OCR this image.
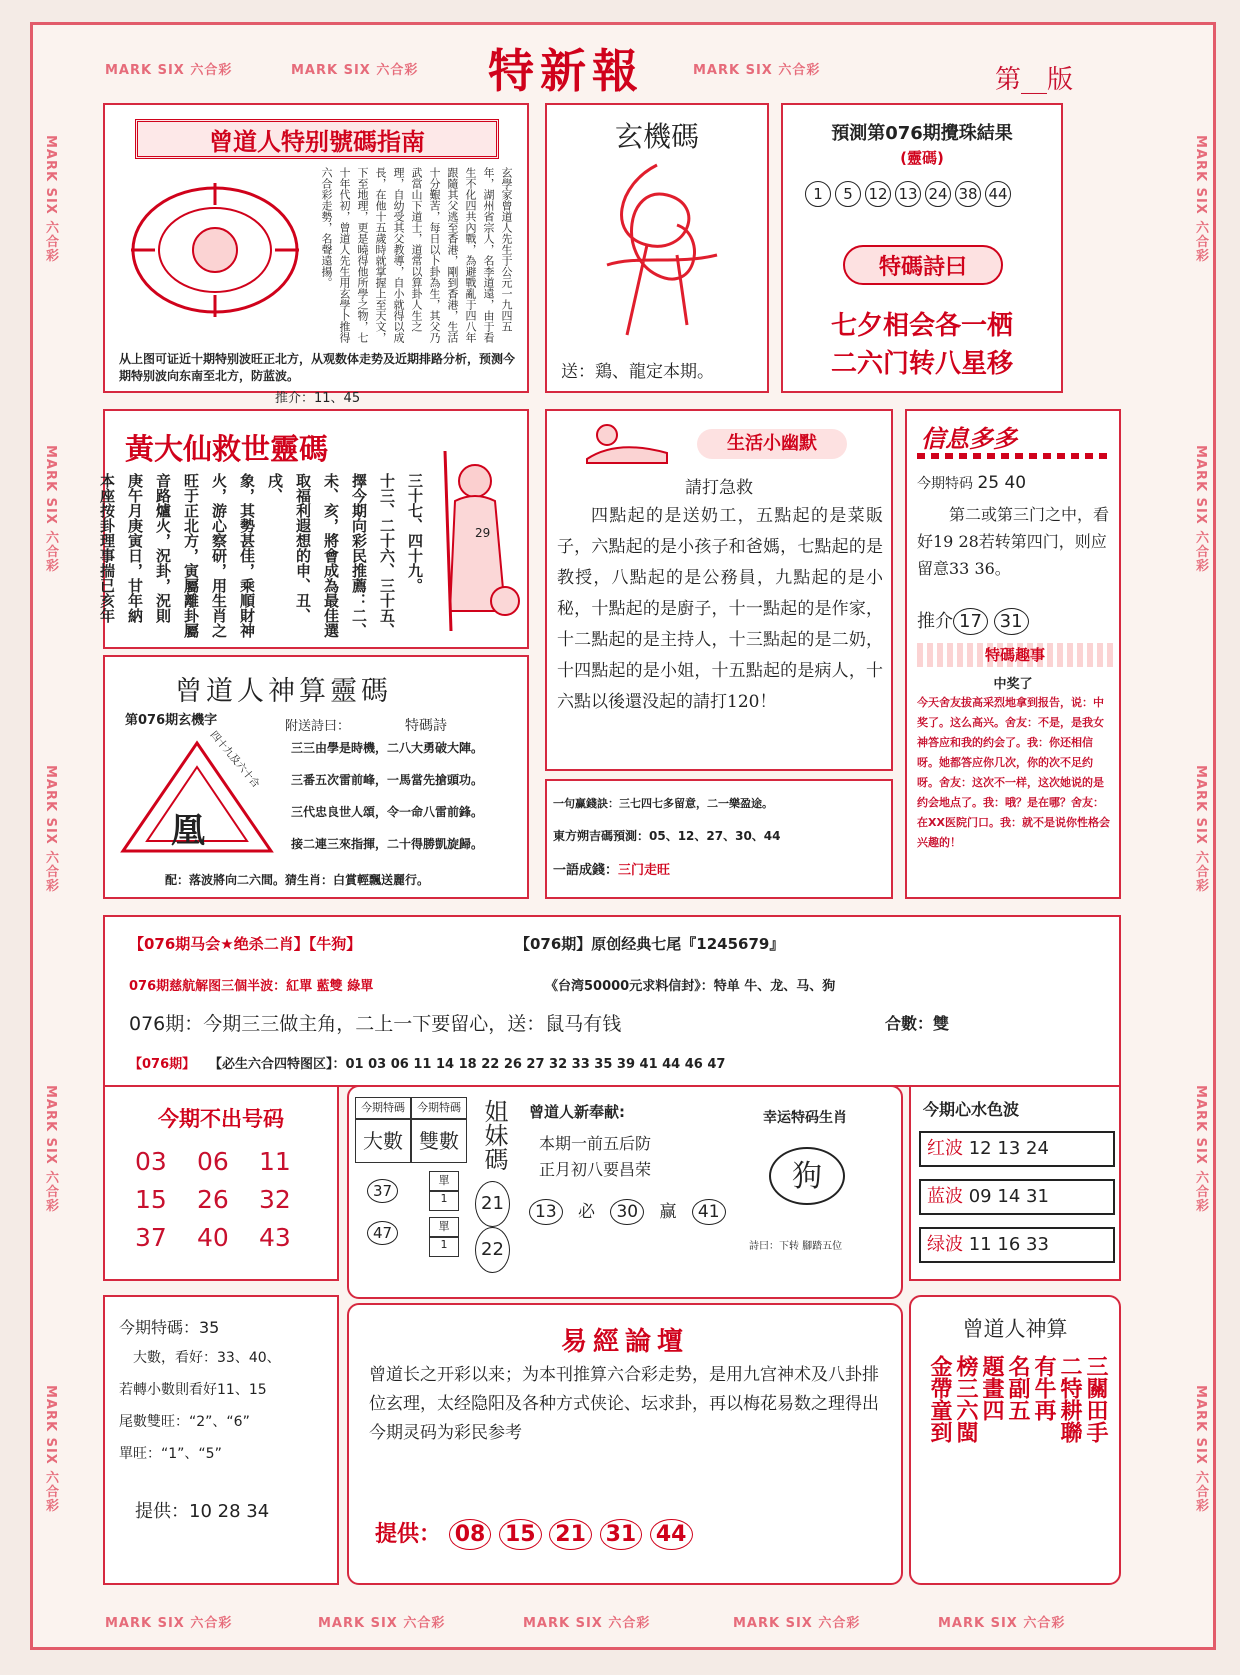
MARK SIX 六合彩	MARK SIX 六合彩	MARK SIX 六合彩
MARK SIX 六合彩	MARK SIX 六合彩	MARK SIX 六合彩	MARK SIX 六合彩	MARK SIX 六合彩
MARK SIX 六合彩
MARK SIX 六合彩
MARK SIX 六合彩
MARK SIX 六合彩
MARK SIX 六合彩
MARK SIX 六合彩
MARK SIX 六合彩
MARK SIX 六合彩
MARK SIX 六合彩
MARK SIX 六合彩
特新報	第__版
曾道人特别號碼指南
玄學家曾道人先生于公元一九四五年，湖州省宗人，名李道遠，由于看生不化四共內戰，為避戰亂于四八年跟隨其父逃至香港，剛到香港，生活十分艱苦，每日以卜卦為生，其父乃武當山下道士，道常以算卦人生之理，自幼受其父教導，自小就得以成長，在他十五歲時就掌握上至天文，下至地理，更是曉得他所學之物，七十年代初，曾道人先生用玄學卜推得六合彩走勢，名聲遠揚。
从上图可证近十期特别波旺正北方，从观数体走势及近期排路分析，预测今期特别波向东南至北方，防蓝波。
推介：11、45
玄機碼
送：鶏、龍定本期。
預測第076期攪珠結果
(靈碼)
1 5 12 13 24 38 44
特碼詩曰
七夕相会各一栖
二六门转八星移
黃大仙救世靈碼
三十七、四十九。
十三、二十六、三十五、
擇今期向彩民推薦：二、
未、亥，將會成為最佳選
取福利遐想的申、丑、戌、
象，其勢甚佳，乘順財神
火，游心察研，用生肖之
旺于正北方，寅屬離卦屬
音路爐火，況卦，況則
庚午月庚寅日，甘年納
本座按卦理事揣已亥年	29
生活小幽默
請打急救
四點起的是送奶工，五點起的是菜販子，六點起的是小孩子和爸媽，七點起的是教授，八點起的是公務員，九點起的是小秘，十點起的是廚子，十一點起的是作家，十二點起的是主持人，十三點起的是二奶，十四點起的是小姐，十五點起的是病人，十六點以後還没起的請打120！
信息多多
今期特码 25 40
第二或第三门之中，看好19 28若转第四门，则应留意33 36。
推介 17 31
特碼趣事
中奖了
今天舍友拔高采烈地拿到报告，说：中奖了。这么高兴。舍友：不是，是我女神答应和我的约会了。我：你还相信呀。她都答应你几次，你的次不足约呀。舍友：这次不一样，这次她说的是约会地点了。我：哦？是在哪？舍友：在XX医院门口。我：就不是说你性格会兴趣的！
曾道人神算靈碼
第076期玄機字	附送詩曰：	特碼詩
凰
四十九及六十合 三三由學是時機，二八大勇破大陣。
三番五次雷前峰，一馬當先搶頭功。
三代忠良世人頌，令一命八雷前鋒。
接二連三來指揮，二十得勝凱旋歸。
配：落波將向二六間。猜生肖：白賞輕飄送麗行。
一句赢錢訣：三七四七多留意，二一樂盈途。
東方朔吉碼預測：05、12、27、30、44
一語成錢：三门走旺
【076期马会★绝杀二肖】【牛狗】	【076期】原创经典七尾『1245679』
076期慈航解图三個半波：紅單 藍雙 綠單	《台湾50000元求料信封》：特单 牛、龙、马、狗
076期：今期三三做主角，二上一下要留心，送：鼠马有钱	合數：雙
【076期】 【必生六合四特图区】：01 03 06 11 14 18 22 26 27 32 33 35 39 41 44 46 47
今期不出号码
03 06 11
15 26 32
37 40 43
今期特碼	今期特碼
大數 雙數 姐妹碼
37
47
單
1
單
1
21
22
曾道人新奉献:
本期一前五后防
正月初八要昌荣
13 必 30 赢 41
幸运特码生肖
狗
詩曰：下转 腳踏五位
今期心水色波
红波 12 13 24
蓝波 09 14 31
绿波 11 16 33
今期特碼：35
大數，看好：33、40、
若轉小數則看好11、15
尾數雙旺：“2”、“6”
單旺：“1”、“5”
提供：10 28 34
易經論壇
曾道长之开彩以来；为本刊推算六合彩走势，是用九宫神术及八卦排位玄理，太经隐阳及各种方式侠论、坛求卦，再以梅花易数之理得出今期灵码为彩民参考
提供： 08 15 21 31 44
曾道人神算
三關田手
二特耕聯
有牛再
名副五
題畫四
榜三六閩
金帶童到
